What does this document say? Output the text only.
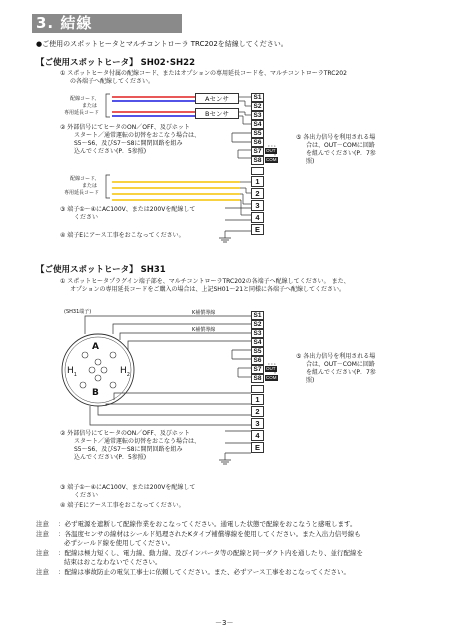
3. 結線
●ご使用のスポットヒータとマルチコントローラ TRC202を結線してください。
【ご使用スポットヒータ】 SH02･SH22
① スポットヒータ付属の配線コード、またはオプションの専用延長コードを、マルチコントローラTRC202
の各端子へ配線してください。
配線コード、
または
専用延長コード
Aセンサ
Bセンサ
S1
S2
S3
S4
S5
S6
S7
S8
OUT
COM
② 外部信号にてヒータのON／OFF、及びホット
スタート／通常運転の切替をおこなう場合は、
S5～S6、及びS7～S8に開閉回路を組み
込んでください(P．5参照)
⑤ 各出力信号を利用される場
合は、OUT－COMに回路
を組んでください(P．7参
照)
配線コード、
または
専用延長コード
1
2
3
4
E
③ 端子①～④にAC100V、または200Vを配線して
ください
④ 端子Eにアース工事をおこなってください。
【ご使用スポットヒータ】 SH31
① スポットヒータプラグイン端子部を、マルチコントローラTRC202の各端子へ配線してください。 また、
オプションの専用延長コードをご購入の場合は、上記SH01～21と同様に各端子へ配線してください。
(SH31端子)	K補償導線
K補償導線
A
B
$H_1$	$H_2$
S1
S2
S3
S4
S5
S6
S7
S8
OUT
COM
1
2
3
4
E
⑤ 各出力信号を利用される場
合は、OUT－COMに回路
を組んでください(P．7参
照)
② 外部信号にてヒータのON／OFF、及びホット
スタート／通常運転の切替をおこなう場合は、
S5～S6、及びS7～S8に開閉回路を組み
込んでください(P．5参照)
③ 端子①～④にAC100V、または200Vを配線して
ください
④ 端子Eにアース工事をおこなってください。
注意 ：必ず電源を遮断して配線作業をおこなってください。通電した状態で配線をおこなうと感電します。
注意 ：各温度センサの線材はシールド処理されたKタイプ補償導線を使用してください。また入出力信号線も
必ずシールド線を使用してください。
注意 ：配線は極力短くし、電力線、動力線、及びインバータ等の配線と同一ダクト内を通したり、並行配線を
結束はおこなわないでください。
注意 ：配線は事故防止の電気工事士に依頼してください。また、必ずアース工事をおこなってください。
－3－
